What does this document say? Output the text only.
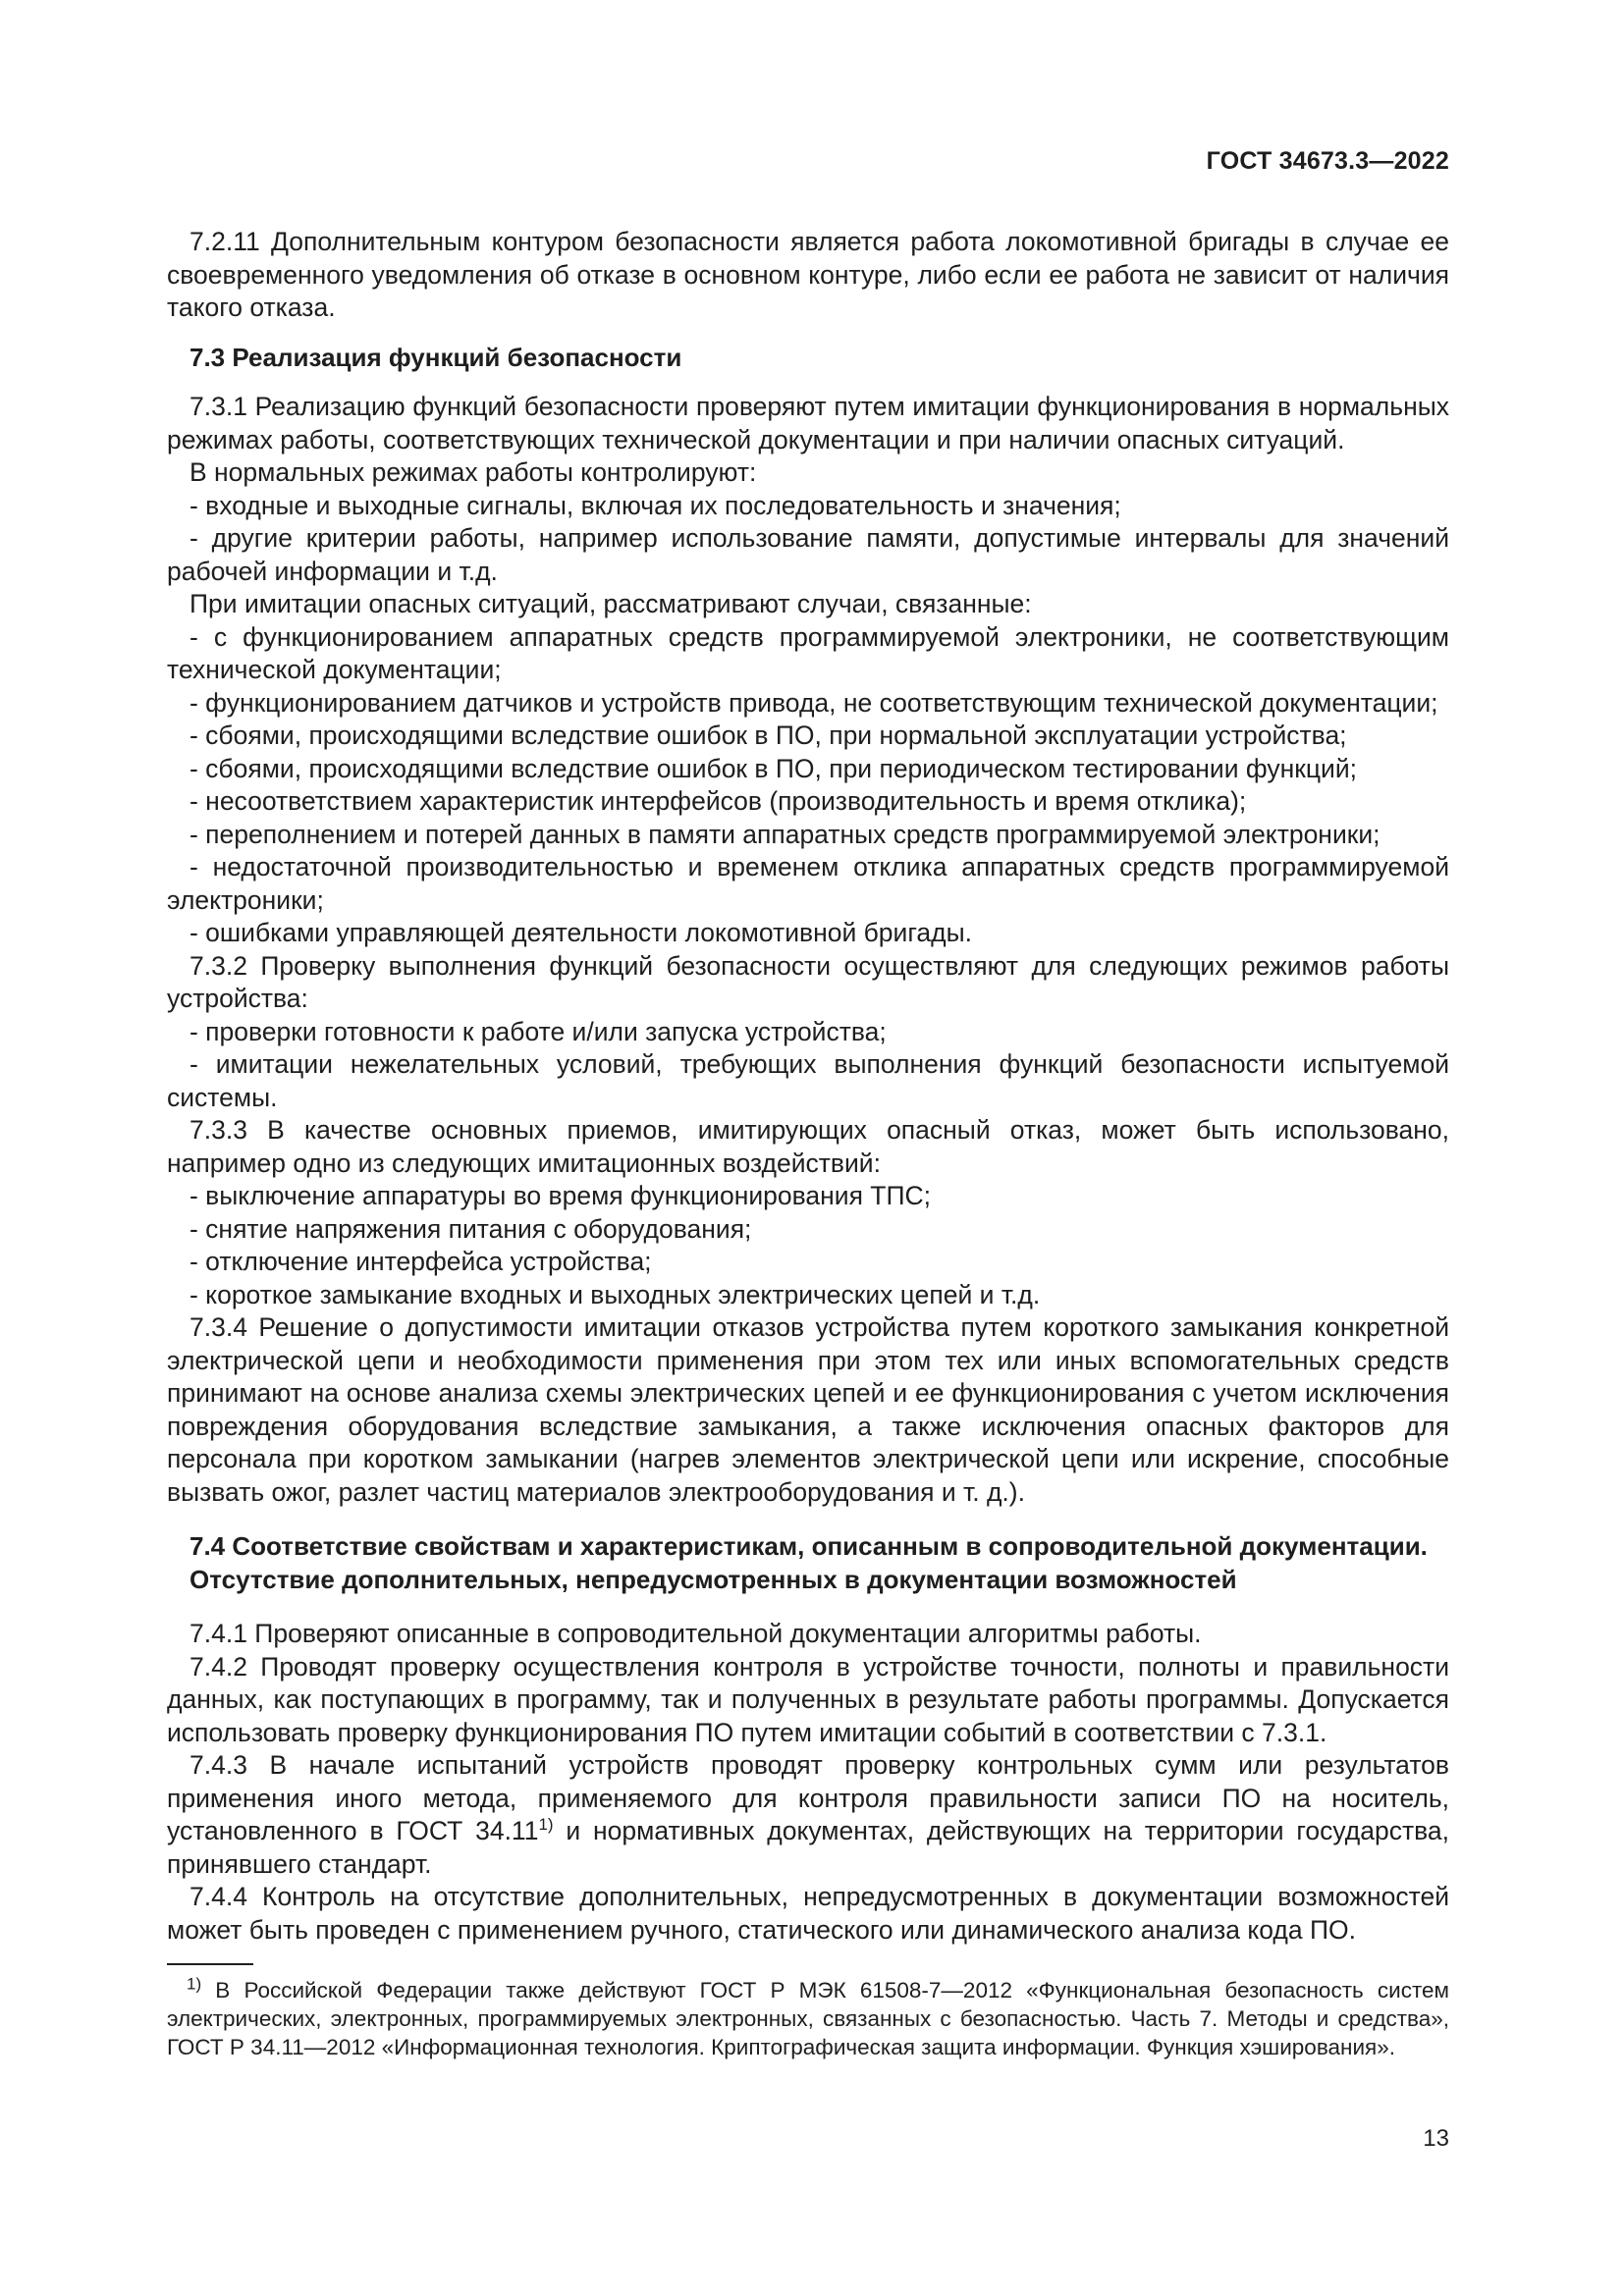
ГОСТ 34673.3—2022

7.2.11 Дополнительным контуром безопасности является работа локомотивной бригады в случае ее своевременного уведомления об отказе в основном контуре, либо если ее работа не зависит от наличия такого отказа.

7.3 Реализация функций безопасности

7.3.1 Реализацию функций безопасности проверяют путем имитации функционирования в нормальных режимах работы, соответствующих технической документации и при наличии опасных ситуаций.

В нормальных режимах работы контролируют:

- входные и выходные сигналы, включая их последовательность и значения;

- другие критерии работы, например использование памяти, допустимые интервалы для значений рабочей информации и т.д.

При имитации опасных ситуаций, рассматривают случаи, связанные:

- с функционированием аппаратных средств программируемой электроники, не соответствующим технической документации;

- функционированием датчиков и устройств привода, не соответствующим технической документации;

- сбоями, происходящими вследствие ошибок в ПО, при нормальной эксплуатации устройства;

- сбоями, происходящими вследствие ошибок в ПО, при периодическом тестировании функций;

- несоответствием характеристик интерфейсов (производительность и время отклика);

- переполнением и потерей данных в памяти аппаратных средств программируемой электроники;

- недостаточной производительностью и временем отклика аппаратных средств программируемой электроники;

- ошибками управляющей деятельности локомотивной бригады.

7.3.2 Проверку выполнения функций безопасности осуществляют для следующих режимов работы устройства:

- проверки готовности к работе и/или запуска устройства;

- имитации нежелательных условий, требующих выполнения функций безопасности испытуемой системы.

7.3.3 В качестве основных приемов, имитирующих опасный отказ, может быть использовано, например одно из следующих имитационных воздействий:

- выключение аппаратуры во время функционирования ТПС;

- снятие напряжения питания с оборудования;

- отключение интерфейса устройства;

- короткое замыкание входных и выходных электрических цепей и т.д.

7.3.4 Решение о допустимости имитации отказов устройства путем короткого замыкания конкретной электрической цепи и необходимости применения при этом тех или иных вспомогательных средств принимают на основе анализа схемы электрических цепей и ее функционирования с учетом исключения повреждения оборудования вследствие замыкания, а также исключения опасных факторов для персонала при коротком замыкании (нагрев элементов электрической цепи или искрение, способные вызвать ожог, разлет частиц материалов электрооборудования и т. д.).

7.4 Соответствие свойствам и характеристикам, описанным в сопроводительной документации. Отсутствие дополнительных, непредусмотренных в документации возможностей

7.4.1 Проверяют описанные в сопроводительной документации алгоритмы работы.

7.4.2 Проводят проверку осуществления контроля в устройстве точности, полноты и правильности данных, как поступающих в программу, так и полученных в результате работы программы. Допускается использовать проверку функционирования ПО путем имитации событий в соответствии с 7.3.1.

7.4.3 В начале испытаний устройств проводят проверку контрольных сумм или результатов применения иного метода, применяемого для контроля правильности записи ПО на носитель, установленного в ГОСТ 34.11$^{1)}$ и нормативных документах, действующих на территории государства, принявшего стандарт.

7.4.4 Контроль на отсутствие дополнительных, непредусмотренных в документации возможностей может быть проведен с применением ручного, статического или динамического анализа кода ПО.

$^{1)}$ В Российской Федерации также действуют ГОСТ Р МЭК 61508-7—2012 «Функциональная безопасность систем электрических, электронных, программируемых электронных, связанных с безопасностью. Часть 7. Методы и средства», ГОСТ Р 34.11—2012 «Информационная технология. Криптографическая защита информации. Функция хэширования».

13
